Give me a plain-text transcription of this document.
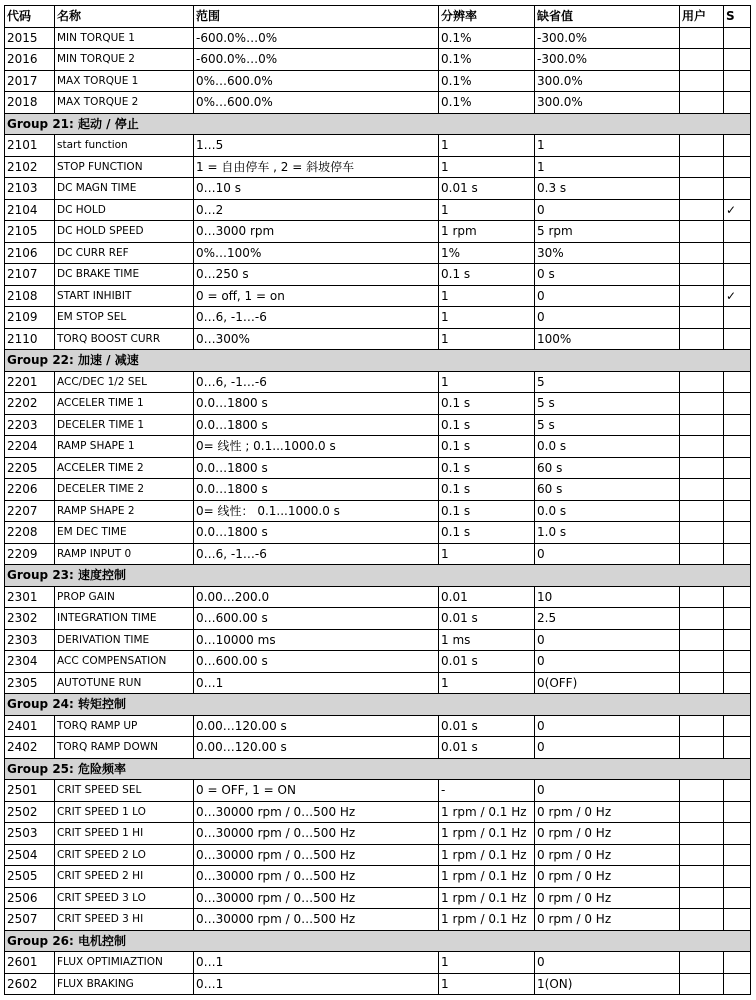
代码	名称	范围	分辨率	缺省值	用户	S
2015	MIN TORQUE 1	-600.0%…0%	0.1%	-300.0%		
2016	MIN TORQUE 2	-600.0%…0%	0.1%	-300.0%		
2017	MAX TORQUE 1	0%…600.0%	0.1%	300.0%		
2018	MAX TORQUE 2	0%…600.0%	0.1%	300.0%		
Group 21: 起动 / 停止						
2101	start function	1…5	1	1		
2102	STOP FUNCTION	1 = 自由停车 , 2 = 斜坡停车	1	1		
2103	DC MAGN TIME	0…10 s	0.01 s	0.3 s		
2104	DC HOLD	0…2	1	0		✓
2105	DC HOLD SPEED	0…3000 rpm	1 rpm	5 rpm		
2106	DC CURR REF	0%…100%	1%	30%		
2107	DC BRAKE TIME	0…250 s	0.1 s	0 s		
2108	START INHIBIT	0 = off, 1 = on	1	0		✓
2109	EM STOP SEL	0…6, -1…-6	1	0		
2110	TORQ BOOST CURR	0…300%	1	100%		
Group 22: 加速 / 减速						
2201	ACC/DEC 1/2 SEL	0…6, -1…-6	1	5		
2202	ACCELER TIME 1	0.0…1800 s	0.1 s	5 s		
2203	DECELER TIME 1	0.0…1800 s	0.1 s	5 s		
2204	RAMP SHAPE 1	0= 线性 ; 0.1...1000.0 s	0.1 s	0.0 s		
2205	ACCELER TIME 2	0.0…1800 s	0.1 s	60 s		
2206	DECELER TIME 2	0.0…1800 s	0.1 s	60 s		
2207	RAMP SHAPE 2	0= 线性： 0.1...1000.0 s	0.1 s	0.0 s		
2208	EM DEC TIME	0.0…1800 s	0.1 s	1.0 s		
2209	RAMP INPUT 0	0…6, -1…-6	1	0		
Group 23: 速度控制						
2301	PROP GAIN	0.00…200.0	0.01	10		
2302	INTEGRATION TIME	0…600.00 s	0.01 s	2.5		
2303	DERIVATION TIME	0…10000 ms	1 ms	0		
2304	ACC COMPENSATION	0…600.00 s	0.01 s	0		
2305	AUTOTUNE RUN	0…1	1	0(OFF)		
Group 24: 转矩控制						
2401	TORQ RAMP UP	0.00…120.00 s	0.01 s	0		
2402	TORQ RAMP DOWN	0.00…120.00 s	0.01 s	0		
Group 25: 危险频率						
2501	CRIT SPEED SEL	0 = OFF, 1 = ON	-	0		
2502	CRIT SPEED 1 LO	0…30000 rpm / 0…500 Hz	1 rpm / 0.1 Hz	0 rpm / 0 Hz		
2503	CRIT SPEED 1 HI	0…30000 rpm / 0…500 Hz	1 rpm / 0.1 Hz	0 rpm / 0 Hz		
2504	CRIT SPEED 2 LO	0…30000 rpm / 0…500 Hz	1 rpm / 0.1 Hz	0 rpm / 0 Hz		
2505	CRIT SPEED 2 HI	0…30000 rpm / 0…500 Hz	1 rpm / 0.1 Hz	0 rpm / 0 Hz		
2506	CRIT SPEED 3 LO	0…30000 rpm / 0…500 Hz	1 rpm / 0.1 Hz	0 rpm / 0 Hz		
2507	CRIT SPEED 3 HI	0…30000 rpm / 0…500 Hz	1 rpm / 0.1 Hz	0 rpm / 0 Hz		
Group 26: 电机控制						
2601	FLUX OPTIMIAZTION	0…1	1	0		
2602	FLUX BRAKING	0…1	1	1(ON)		
